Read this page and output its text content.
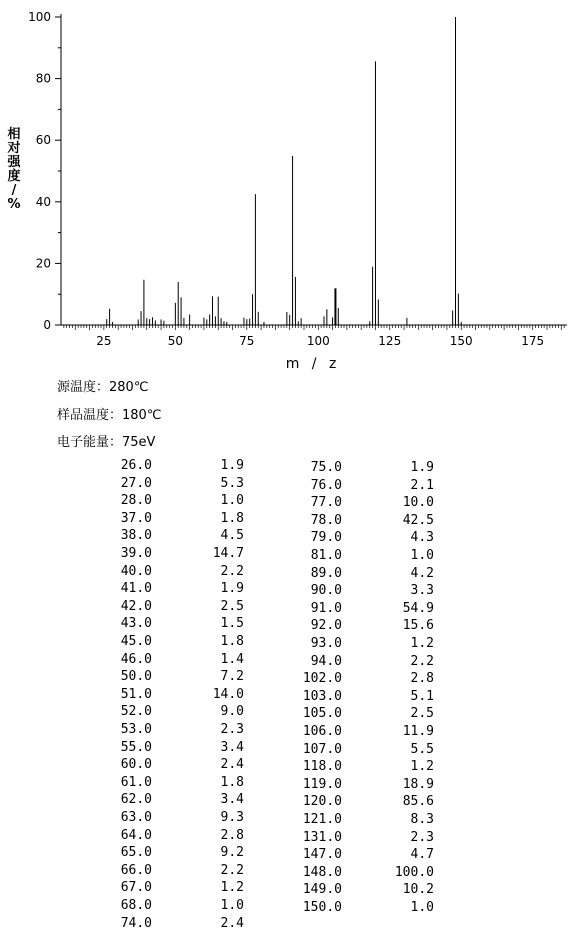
0
20
40
60
80
100
25	50	75	100	125	150	175
m / z
相
对
强
度
/
%
源温度：280℃
样品温度：180℃
电子能量：75eV
26.0	1.9
27.0	5.3
28.0	1.0
37.0	1.8
38.0	4.5
39.0	14.7
40.0	2.2
41.0	1.9
42.0	2.5
43.0	1.5
45.0	1.8
46.0	1.4
50.0	7.2
51.0	14.0
52.0	9.0
53.0	2.3
55.0	3.4
60.0	2.4
61.0	1.8
62.0	3.4
63.0	9.3
64.0	2.8
65.0	9.2
66.0	2.2
67.0	1.2
68.0	1.0
74.0	2.4
75.0	1.9
76.0	2.1
77.0	10.0
78.0	42.5
79.0	4.3
81.0	1.0
89.0	4.2
90.0	3.3
91.0	54.9
92.0	15.6
93.0	1.2
94.0	2.2
102.0	2.8
103.0	5.1
105.0	2.5
106.0	11.9
107.0	5.5
118.0	1.2
119.0	18.9
120.0	85.6
121.0	8.3
131.0	2.3
147.0	4.7
148.0	100.0
149.0	10.2
150.0	1.0
